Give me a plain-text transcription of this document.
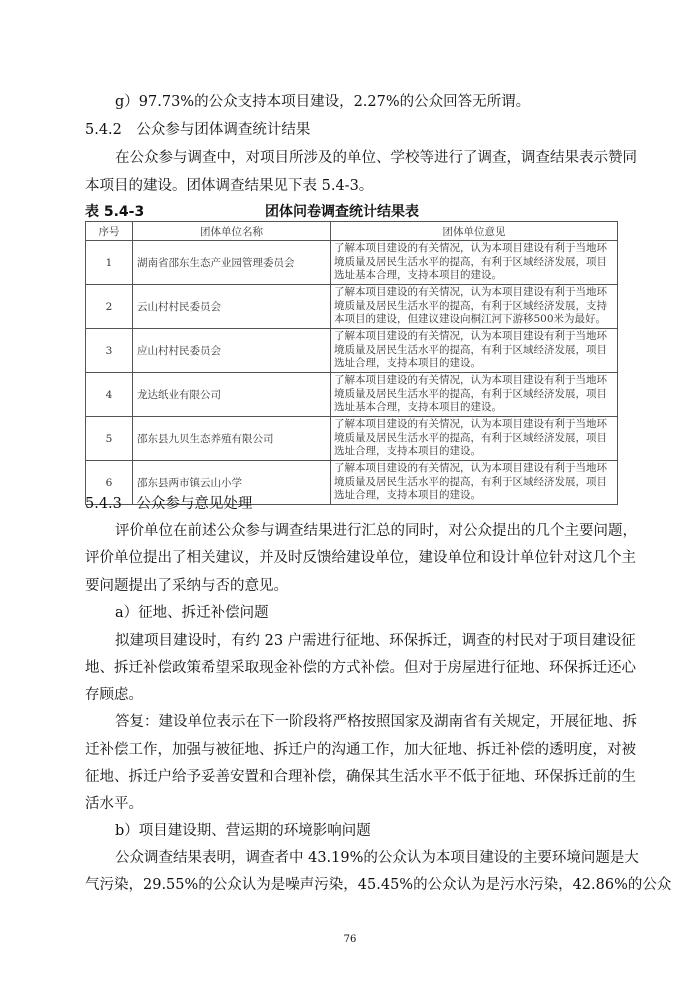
g）97.73%的公众支持本项目建设，2.27%的公众回答无所谓。
5.4.2　公众参与团体调查统计结果
在公众参与调查中，对项目所涉及的单位、学校等进行了调查，调查结果表示赞同
本项目的建设。团体调查结果见下表 5.4-3。
表 5.4-3	团体问卷调查统计结果表
序号	团体单位名称	团体单位意见
1	湖南省邵东生态产业园管理委员会	了解本项目建设的有关情况，认为本项目建设有利于当地环境质量及居民生活水平的提高，有利于区域经济发展，项目选址基本合理，支持本项目的建设。
2	云山村村民委员会	了解本项目建设的有关情况，认为本项目建设有利于当地环境质量及居民生活水平的提高，有利于区域经济发展，支持本项目的建设，但建议建设向桐江河下游移500米为最好。
3	应山村村民委员会	了解本项目建设的有关情况，认为本项目建设有利于当地环境质量及居民生活水平的提高，有利于区域经济发展，项目选址合理，支持本项目的建设。
4	龙达纸业有限公司	了解本项目建设的有关情况，认为本项目建设有利于当地环境质量及居民生活水平的提高，有利于区域经济发展，项目选址基本合理，支持本项目的建设。
5	邵东县九贝生态养殖有限公司	了解本项目建设的有关情况，认为本项目建设有利于当地环境质量及居民生活水平的提高，有利于区域经济发展，项目选址合理，支持本项目的建设。
6	邵东县两市镇云山小学	了解本项目建设的有关情况，认为本项目建设有利于当地环境质量及居民生活水平的提高，有利于区域经济发展，项目选址合理，支持本项目的建设。
5.4.3　公众参与意见处理
评价单位在前述公众参与调查结果进行汇总的同时，对公众提出的几个主要问题，
评价单位提出了相关建议，并及时反馈给建设单位，建设单位和设计单位针对这几个主
要问题提出了采纳与否的意见。
a）征地、拆迁补偿问题
拟建项目建设时，有约 23 户需进行征地、环保拆迁，调查的村民对于项目建设征
地、拆迁补偿政策希望采取现金补偿的方式补偿。但对于房屋进行征地、环保拆迁还心
存顾虑。
答复：建设单位表示在下一阶段将严格按照国家及湖南省有关规定，开展征地、拆
迁补偿工作，加强与被征地、拆迁户的沟通工作，加大征地、拆迁补偿的透明度，对被
征地、拆迁户给予妥善安置和合理补偿，确保其生活水平不低于征地、环保拆迁前的生
活水平。
b）项目建设期、营运期的环境影响问题
公众调查结果表明，调查者中 43.19%的公众认为本项目建设的主要环境问题是大
气污染，29.55%的公众认为是噪声污染，45.45%的公众认为是污水污染，42.86%的公众
76
